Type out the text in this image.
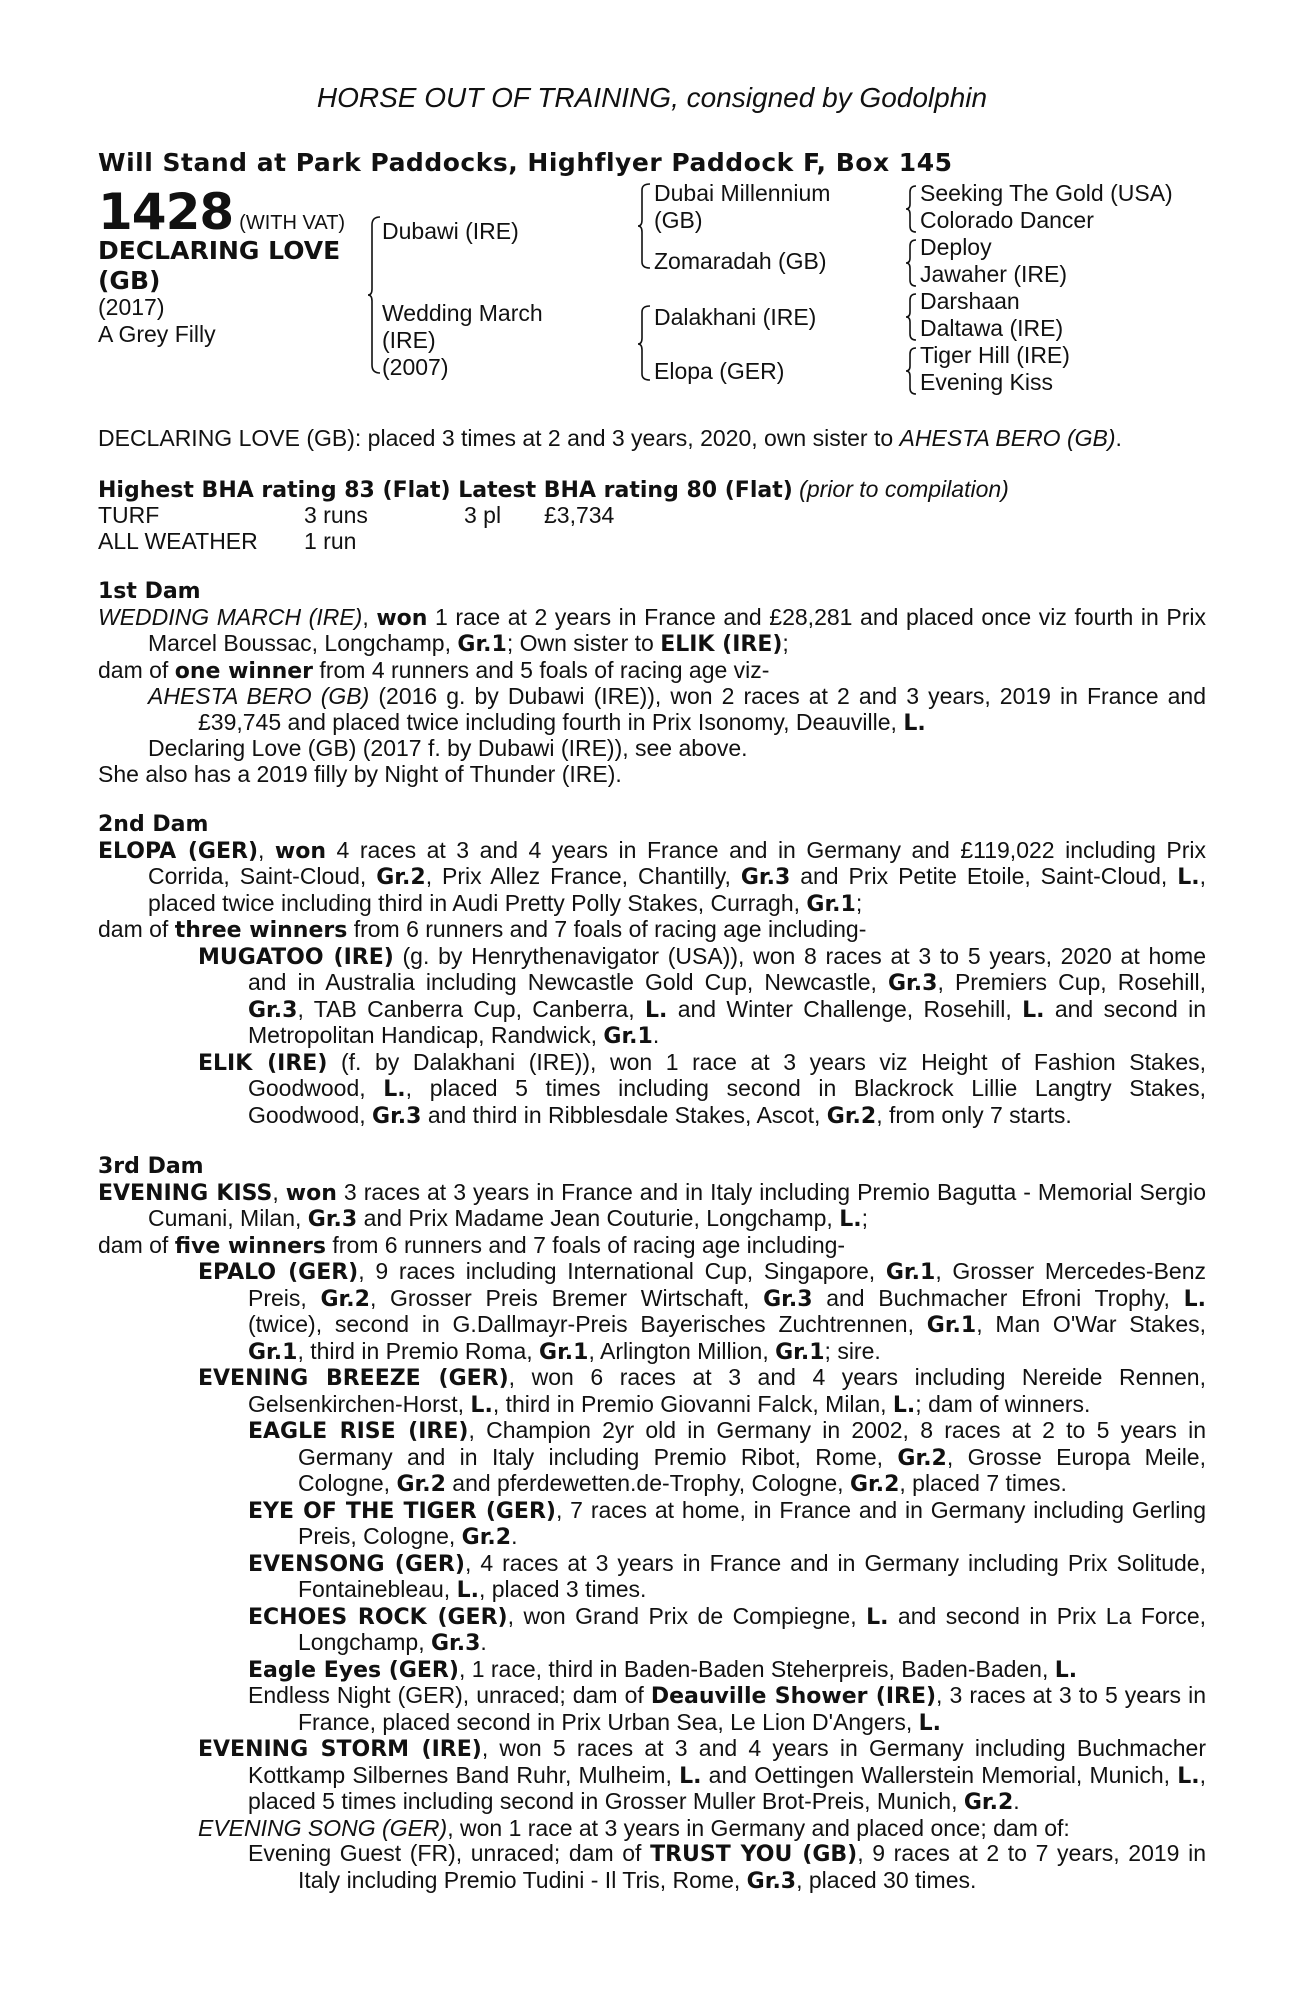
HORSE OUT OF TRAINING, consigned by Godolphin
Will Stand at Park Paddocks, Highflyer Paddock F, Box 145
1428 (WITH VAT)
DECLARING LOVE (GB)
(2017)
A Grey Filly
Dubawi (IRE)
Wedding March
(IRE)
(2007)
Dubai Millennium
(GB)
Zomaradah (GB)
Dalakhani (IRE)
Elopa (GER)
Seeking The Gold (USA)
Colorado Dancer
Deploy
Jawaher (IRE)
Darshaan
Daltawa (IRE)
Tiger Hill (IRE)
Evening Kiss

DECLARING LOVE (GB): placed 3 times at 2 and 3 years, 2020, own sister to AHESTA BERO (GB).

Highest BHA rating 83 (Flat) Latest BHA rating 80 (Flat) (prior to compilation)

TURF	3 runs	3 pl £3,734
ALL WEATHER 1 run
1st Dam

WEDDING MARCH (IRE), won 1 race at 2 years in France and £28,281 and placed once viz fourth in Prix Marcel Boussac, Longchamp, Gr.1; Own sister to ELIK (IRE);

dam of one winner from 4 runners and 5 foals of racing age viz-

AHESTA BERO (GB) (2016 g. by Dubawi (IRE)), won 2 races at 2 and 3 years, 2019 in France and £39,745 and placed twice including fourth in Prix Isonomy, Deauville, L.

Declaring Love (GB) (2017 f. by Dubawi (IRE)), see above.

She also has a 2019 filly by Night of Thunder (IRE).

2nd Dam

ELOPA (GER), won 4 races at 3 and 4 years in France and in Germany and £119,022 including Prix Corrida, Saint-Cloud, Gr.2, Prix Allez France, Chantilly, Gr.3 and Prix Petite Etoile, Saint-Cloud, L., placed twice including third in Audi Pretty Polly Stakes, Curragh, Gr.1;

dam of three winners from 6 runners and 7 foals of racing age including-

MUGATOO (IRE) (g. by Henrythenavigator (USA)), won 8 races at 3 to 5 years, 2020 at home and in Australia including Newcastle Gold Cup, Newcastle, Gr.3, Premiers Cup, Rosehill, Gr.3, TAB Canberra Cup, Canberra, L. and Winter Challenge, Rosehill, L. and second in Metropolitan Handicap, Randwick, Gr.1.

ELIK (IRE) (f. by Dalakhani (IRE)), won 1 race at 3 years viz Height of Fashion Stakes, Goodwood, L., placed 5 times including second in Blackrock Lillie Langtry Stakes, Goodwood, Gr.3 and third in Ribblesdale Stakes, Ascot, Gr.2, from only 7 starts.

3rd Dam

EVENING KISS, won 3 races at 3 years in France and in Italy including Premio Bagutta - Memorial Sergio Cumani, Milan, Gr.3 and Prix Madame Jean Couturie, Longchamp, L.;

dam of five winners from 6 runners and 7 foals of racing age including-

EPALO (GER), 9 races including International Cup, Singapore, Gr.1, Grosser Mercedes-Benz Preis, Gr.2, Grosser Preis Bremer Wirtschaft, Gr.3 and Buchmacher Efroni Trophy, L. (twice), second in G.Dallmayr-Preis Bayerisches Zuchtrennen, Gr.1, Man O'War Stakes, Gr.1, third in Premio Roma, Gr.1, Arlington Million, Gr.1; sire.

EVENING BREEZE (GER), won 6 races at 3 and 4 years including Nereide Rennen, Gelsenkirchen-Horst, L., third in Premio Giovanni Falck, Milan, L.; dam of winners.

EAGLE RISE (IRE), Champion 2yr old in Germany in 2002, 8 races at 2 to 5 years in Germany and in Italy including Premio Ribot, Rome, Gr.2, Grosse Europa Meile, Cologne, Gr.2 and pferdewetten.de-Trophy, Cologne, Gr.2, placed 7 times.

EYE OF THE TIGER (GER), 7 races at home, in France and in Germany including Gerling Preis, Cologne, Gr.2.

EVENSONG (GER), 4 races at 3 years in France and in Germany including Prix Solitude, Fontainebleau, L., placed 3 times.

ECHOES ROCK (GER), won Grand Prix de Compiegne, L. and second in Prix La Force, Longchamp, Gr.3.

Eagle Eyes (GER), 1 race, third in Baden-Baden Steherpreis, Baden-Baden, L.

Endless Night (GER), unraced; dam of Deauville Shower (IRE), 3 races at 3 to 5 years in France, placed second in Prix Urban Sea, Le Lion D'Angers, L.

EVENING STORM (IRE), won 5 races at 3 and 4 years in Germany including Buchmacher Kottkamp Silbernes Band Ruhr, Mulheim, L. and Oettingen Wallerstein Memorial, Munich, L., placed 5 times including second in Grosser Muller Brot-Preis, Munich, Gr.2.

EVENING SONG (GER), won 1 race at 3 years in Germany and placed once; dam of:

Evening Guest (FR), unraced; dam of TRUST YOU (GB), 9 races at 2 to 7 years, 2019 in Italy including Premio Tudini - Il Tris, Rome, Gr.3, placed 30 times.
